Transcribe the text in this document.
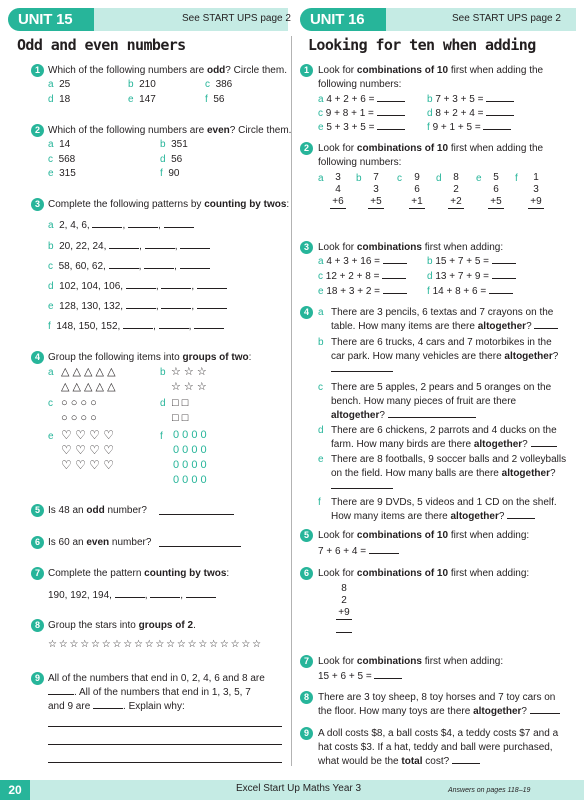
UNIT 15	See START UPS page 2
Odd and even numbers
UNIT 16	See START UPS page 2
Looking for ten when adding
1 Which of the following numbers are odd? Circle them.
a 25	b 210	c 386
d 18	e 147	f 56
2 Which of the following numbers are even? Circle them.
a 14	b 351
c 568	d 56
e 315	f 90
3 Complete the following patterns by counting by twos:
a 2, 4, 6,	,	,
b 20, 22, 24,	,	,
c 58, 60, 62,	,	,
d 102, 104, 106,	,	,
e 128, 130, 132,	,	,
f 148, 150, 152,	,	,
4 Group the following items into groups of two:
a △ △ △ △ △
△ △ △ △ △
b ☆ ☆ ☆
☆ ☆ ☆
c ○ ○ ○ ○
○ ○ ○ ○
d □ □
□ □
e ♡ ♡ ♡ ♡
♡ ♡ ♡ ♡
♡ ♡ ♡ ♡
f 0 0 0 0
0 0 0 0
0 0 0 0
0 0 0 0
5 Is 48 an odd number?
6 Is 60 an even number?
7 Complete the pattern counting by twos:
190, 192, 194,	,	,
8 Group the stars into groups of 2.
☆ ☆ ☆ ☆ ☆ ☆ ☆ ☆ ☆ ☆ ☆ ☆ ☆ ☆ ☆ ☆ ☆ ☆ ☆ ☆
9 All of the numbers that end in 0, 2, 4, 6 and 8 are
. All of the numbers that end in 1, 3, 5, 7
and 9 are	. Explain why:
1 Look for combinations of 10 first when adding the
following numbers:
a 4 + 2 + 6 =	b 7 + 3 + 5 =
c 9 + 8 + 1 =	d 8 + 2 + 4 =
e 5 + 3 + 5 =	f 9 + 1 + 5 =
2 Look for combinations of 10 first when adding the
following numbers:
a	3
4
+6
b	7
3
+5
c	9
6
+1
d	8
2
+2
e	5
6
+5
f	1
3
+9
3 Look for combinations first when adding:
a 4 + 3 + 16 =	b 15 + 7 + 5 =
c 12 + 2 + 8 =	d 13 + 7 + 9 =
e 18 + 3 + 2 =	f 14 + 8 + 6 =
4 a There are 3 pencils, 6 textas and 7 crayons on the
table. How many items are there altogether?
b There are 6 trucks, 4 cars and 7 motorbikes in the
car park. How many vehicles are there altogether?
c There are 5 apples, 2 pears and 5 oranges on the
bench. How many pieces of fruit are there
altogether?
d There are 6 chickens, 2 parrots and 4 ducks on the
farm. How many birds are there altogether?
e There are 8 footballs, 9 soccer balls and 2 volleyballs
on the field. How many balls are there altogether?
f There are 9 DVDs, 5 videos and 1 CD on the shelf.
How many items are there altogether?
5 Look for combinations of 10 first when adding:
7 + 6 + 4 =
6 Look for combinations of 10 first when adding:
8
2
+9
7 Look for combinations first when adding:
15 + 6 + 5 =
8 There are 3 toy sheep, 8 toy horses and 7 toy cars on
the floor. How many toys are there altogether?
9 A doll costs $8, a ball costs $4, a teddy costs $7 and a
hat costs $3. If a hat, teddy and ball were purchased,
what would be the total cost?
20	Excel Start Up Maths Year 3	Answers on pages 118–19
